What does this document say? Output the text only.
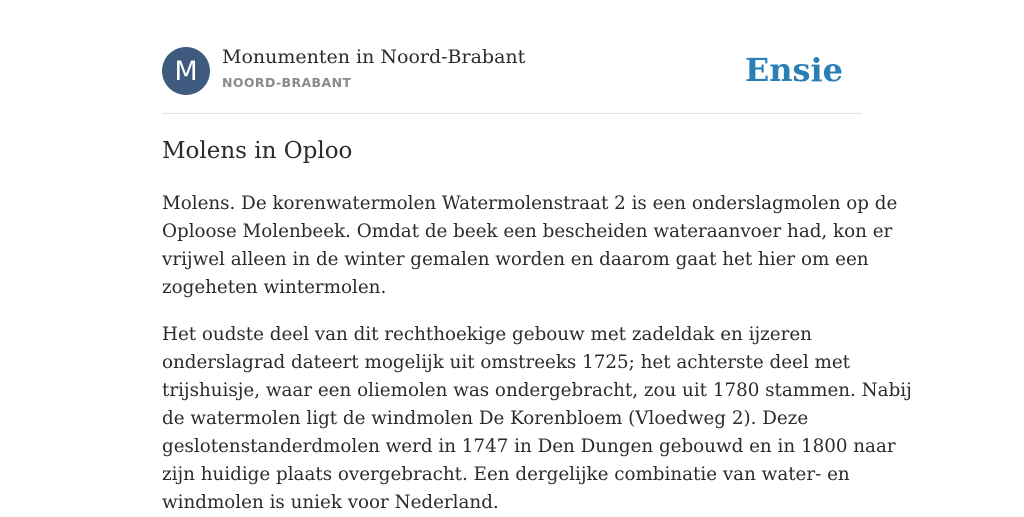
M	Monumenten in Noord-Brabant
NOORD-BRABANT	Ensie
Molens in Oploo
Molens. De korenwatermolen Watermolenstraat 2 is een onderslagmolen op de
Oploose Molenbeek. Omdat de beek een bescheiden wateraanvoer had, kon er
vrijwel alleen in de winter gemalen worden en daarom gaat het hier om een
zogeheten wintermolen.
Het oudste deel van dit rechthoekige gebouw met zadeldak en ijzeren
onderslagrad dateert mogelijk uit omstreeks 1725; het achterste deel met
trijshuisje, waar een oliemolen was ondergebracht, zou uit 1780 stammen. Nabij
de watermolen ligt de windmolen De Korenbloem (Vloedweg 2). Deze
geslotenstanderdmolen werd in 1747 in Den Dungen gebouwd en in 1800 naar
zijn huidige plaats overgebracht. Een dergelijke combinatie van water- en
windmolen is uniek voor Nederland.
